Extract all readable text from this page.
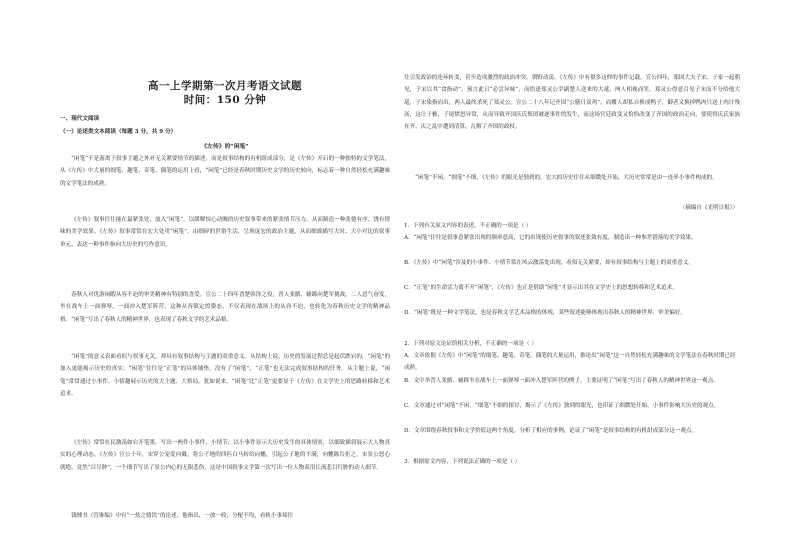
高一上学期第一次月考语文试题
时间：150 分钟
一、现代文阅读
（一）论述类文本阅读（每题 3 分，共 9 分）
《左传》的“闲笔”

“闲笔”不是游离于叙事主题之外对无关紧要情节的描述，而是叙事结构的有机组成部分，是《左传》开启的一种独特的文学笔法，从《左传》中大量的细笔、趣笔、奇笔、偶笔的运用上看，“闲笔”已经是春秋时期历史文学的历史转向，标志着一种自然轻松充满趣味的文学笔法的成熟。

《左传》叙事往往能在最紧张处，放入“闲笔”，以缓解惊心动魄的历史叙事带来的紧张情节压力，从而制造一种张弛有序、饶有情味的美学效果。《左传》叙事常常在宏大处用“闲笔”，由细碎的世俗生活，呈现庞宏的政治主题，从而细致描写大时、大小对比的叙事单元，表达一种事件指向大历史的写作意识。

春秋人对优游闲暇从容不迫的审美精神有特别的喜爱。宣公二十四年晋楚韩泽之役，晋人张骼、辅跞向楚军挑战，二人意气奋发，坐在战车上一面弹琴，一面冲入楚军阵营。这种从容镇定的姿态，不仅表现在战场上的从容不迫，也转化为春秋历史文学的精神品格。“闲笔”写出了春秋人的精神世界，也表现了春秋文学的艺术品格。

“闲笔”的意义表面看似与叙事无关，却具有叙事结构与主题的双重意义。从结构上说，历史的发展过程总是起伏跌宕的，“闲笔”的加入更能揭示历史的真实；“闲笔”往往是“正笔”的具体铺垫，没有了“闲笔”，“正笔”也无法完成叙事结构的任务。从主题上说，“闲笔”常常通过小事件、小情趣展示历史的大主题、大格局。犹如说来，“闲笔”比“正笔”更要显于《左传》在文学史上的思路转移和艺术追求。

《左传》常常在民激荡如宕开笔墨，写出一两件小事件、小情节，以小事件显示大历史发生的具体情景，以细致描叙展示大人物真实的心理动态。《左传》宣公十年，宋穿公宠爱向戴，将公子地的四匹白马转给向魋，引起公子地的不满，向魋陈告拒之，宋景公怒心就绝，竟然“目尽肿”，一个细节写出了景公内心的无限悲伤，这是中国叙事文学第一次写出一位人物双泪长流悲目红肿的动人细节。

钱锺书《管锥编》中有“一炫之嬉饥”的论述，他指出，一放一收，分配不均，看轨小事却往

往引发政治的连环转变，甚至造成激烈的政治冲突、朝野动荡。《左传》中有很多这样的事件记载。宣公四年，郑国大夫子宋、子家一起朝见，子宋以其“食指动”，预言此日“必尝异味”，而恰逢郑灵公宰副楚人送来的大鼋，两人相视而笑。郑灵公得意召见子宋而不分给他大鼋，子宋染指而出，两人最终杀死了郑灵公。宣公二十八年记齐国“公膳日双鸡”，而饔人却私自换成鸭子，御者又换掉鸭肉只送上肉汁残汤，这让子雅、子尾愤怒异常，从而导致齐国庆氏集团被逐事件的发生，而这场官廷政变又恰恰改变了齐国的政治走向，要使得庆氏家族在齐、庆之乱中遭到清算，瓦解了齐国的政权。

“闲笔”不闲，“细笔”不细，《左传》的眼光是独到的，宏大的历史往往从细微处开始，大历史常常是由一连串小事件构成的。

（摘编自《光明日报》）

1．下列有关原文内容的表述，不正确的一项是（ ）

A．“闲笔”往往是叙事意紧张出现的频率意高，它的出现使历史叙事的叙述张敛有度，制造出一种参差错落的美学效果。

B．《左传》中“闲笔”涉及的小事件、小情节常在风云激荡处出现，看似无关紧要，却有叙事结构与主题上的双重意义。

C．“正笔”的生命活力离不开“闲笔”，《左传》也正是借助“闲笔”才显示出其在文学史上的思想转移和艺术追求。

D．“闲笔”既是一种文学笔法，也是春秋文学艺术品格的体现，某些叙述能够体现出春秋人的精神世界、审美偏好。

2．下列对原文论证的相关分析，不正确的一项是（ ）

A．文章依据《左传》中“闲笔”的细笔、趣笔、奇笔、偶笔的大量运用，推论出“闲笔”这一自然轻松充满趣味的文学笔法在春秋时期已经成熟。

B．文中举晋人张骼、辅跞坐在战车上一面弹琴一面冲入楚军阵营的例子，主要证明了“闲笔”写出了春秋人的精神世界这一观点。

C．文章通过对“闲笔”不闲、“细笔”不细的探讨，揭示了《左传》独到的眼光，也印证了细微处开始、小事件影响大历史的观点。

D．文章围绕春秋叙事和文学价值这两个角度，分析了相应的事例，论证了“闲笔”是叙事结构的有机组成部分这一观点。

3．根据原文内容，下列说法正确的一项是（ ）
